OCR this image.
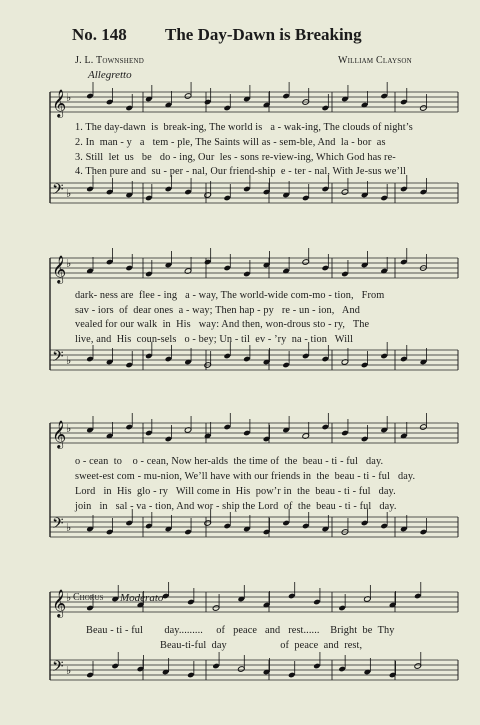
No. 148 The Day-Dawn is Breaking
J. L. Townshend	William Clayson
Allegretto
𝄞
𝄢
♭
♭
𝄞
𝄢
♭
♭
𝄞
𝄢
♭
♭
𝄞
𝄢
♭
♭
1. The day-dawn  is  break-ing, The world is   a - wak-ing, The clouds of night’s
2. In  man - y   a   tem - ple, The Saints will as - sem-ble, And  la - bor  as
3. Still  let  us   be   do - ing, Our  les - sons re-view-ing, Which God has re-
4. Then pure and  su - per - nal, Our friend-ship  e - ter - nal, With Je-sus we’ll
dark- ness are  flee - ing   a - way, The world-wide com-mo - tion,   From
sav - iors  of  dear ones  a - way; Then hap - py   re - un - ion,   And
vealed for our walk  in  His   way: And then, won-drous sto - ry,   The
live, and  His  coun-sels   o - bey; Un - til  ev - ’ry  na - tion   Will
o - cean  to    o - cean, Now her-alds  the time of  the  beau - ti - ful   day.
sweet-est com - mu-nion, We’ll have with our friends in  the  beau - ti - ful   day.
Lord   in  His  glo - ry   Will come in  His  pow’r in  the  beau - ti - ful   day.
join   in   sal - va - tion, And wor - ship the Lord  of  the  beau - ti - ful   day.
Chorus Moderato
Beau - ti - ful        day.........     of   peace   and   rest......    Bright  be  Thy
Beau-ti-ful  day                    of  peace  and  rest,
